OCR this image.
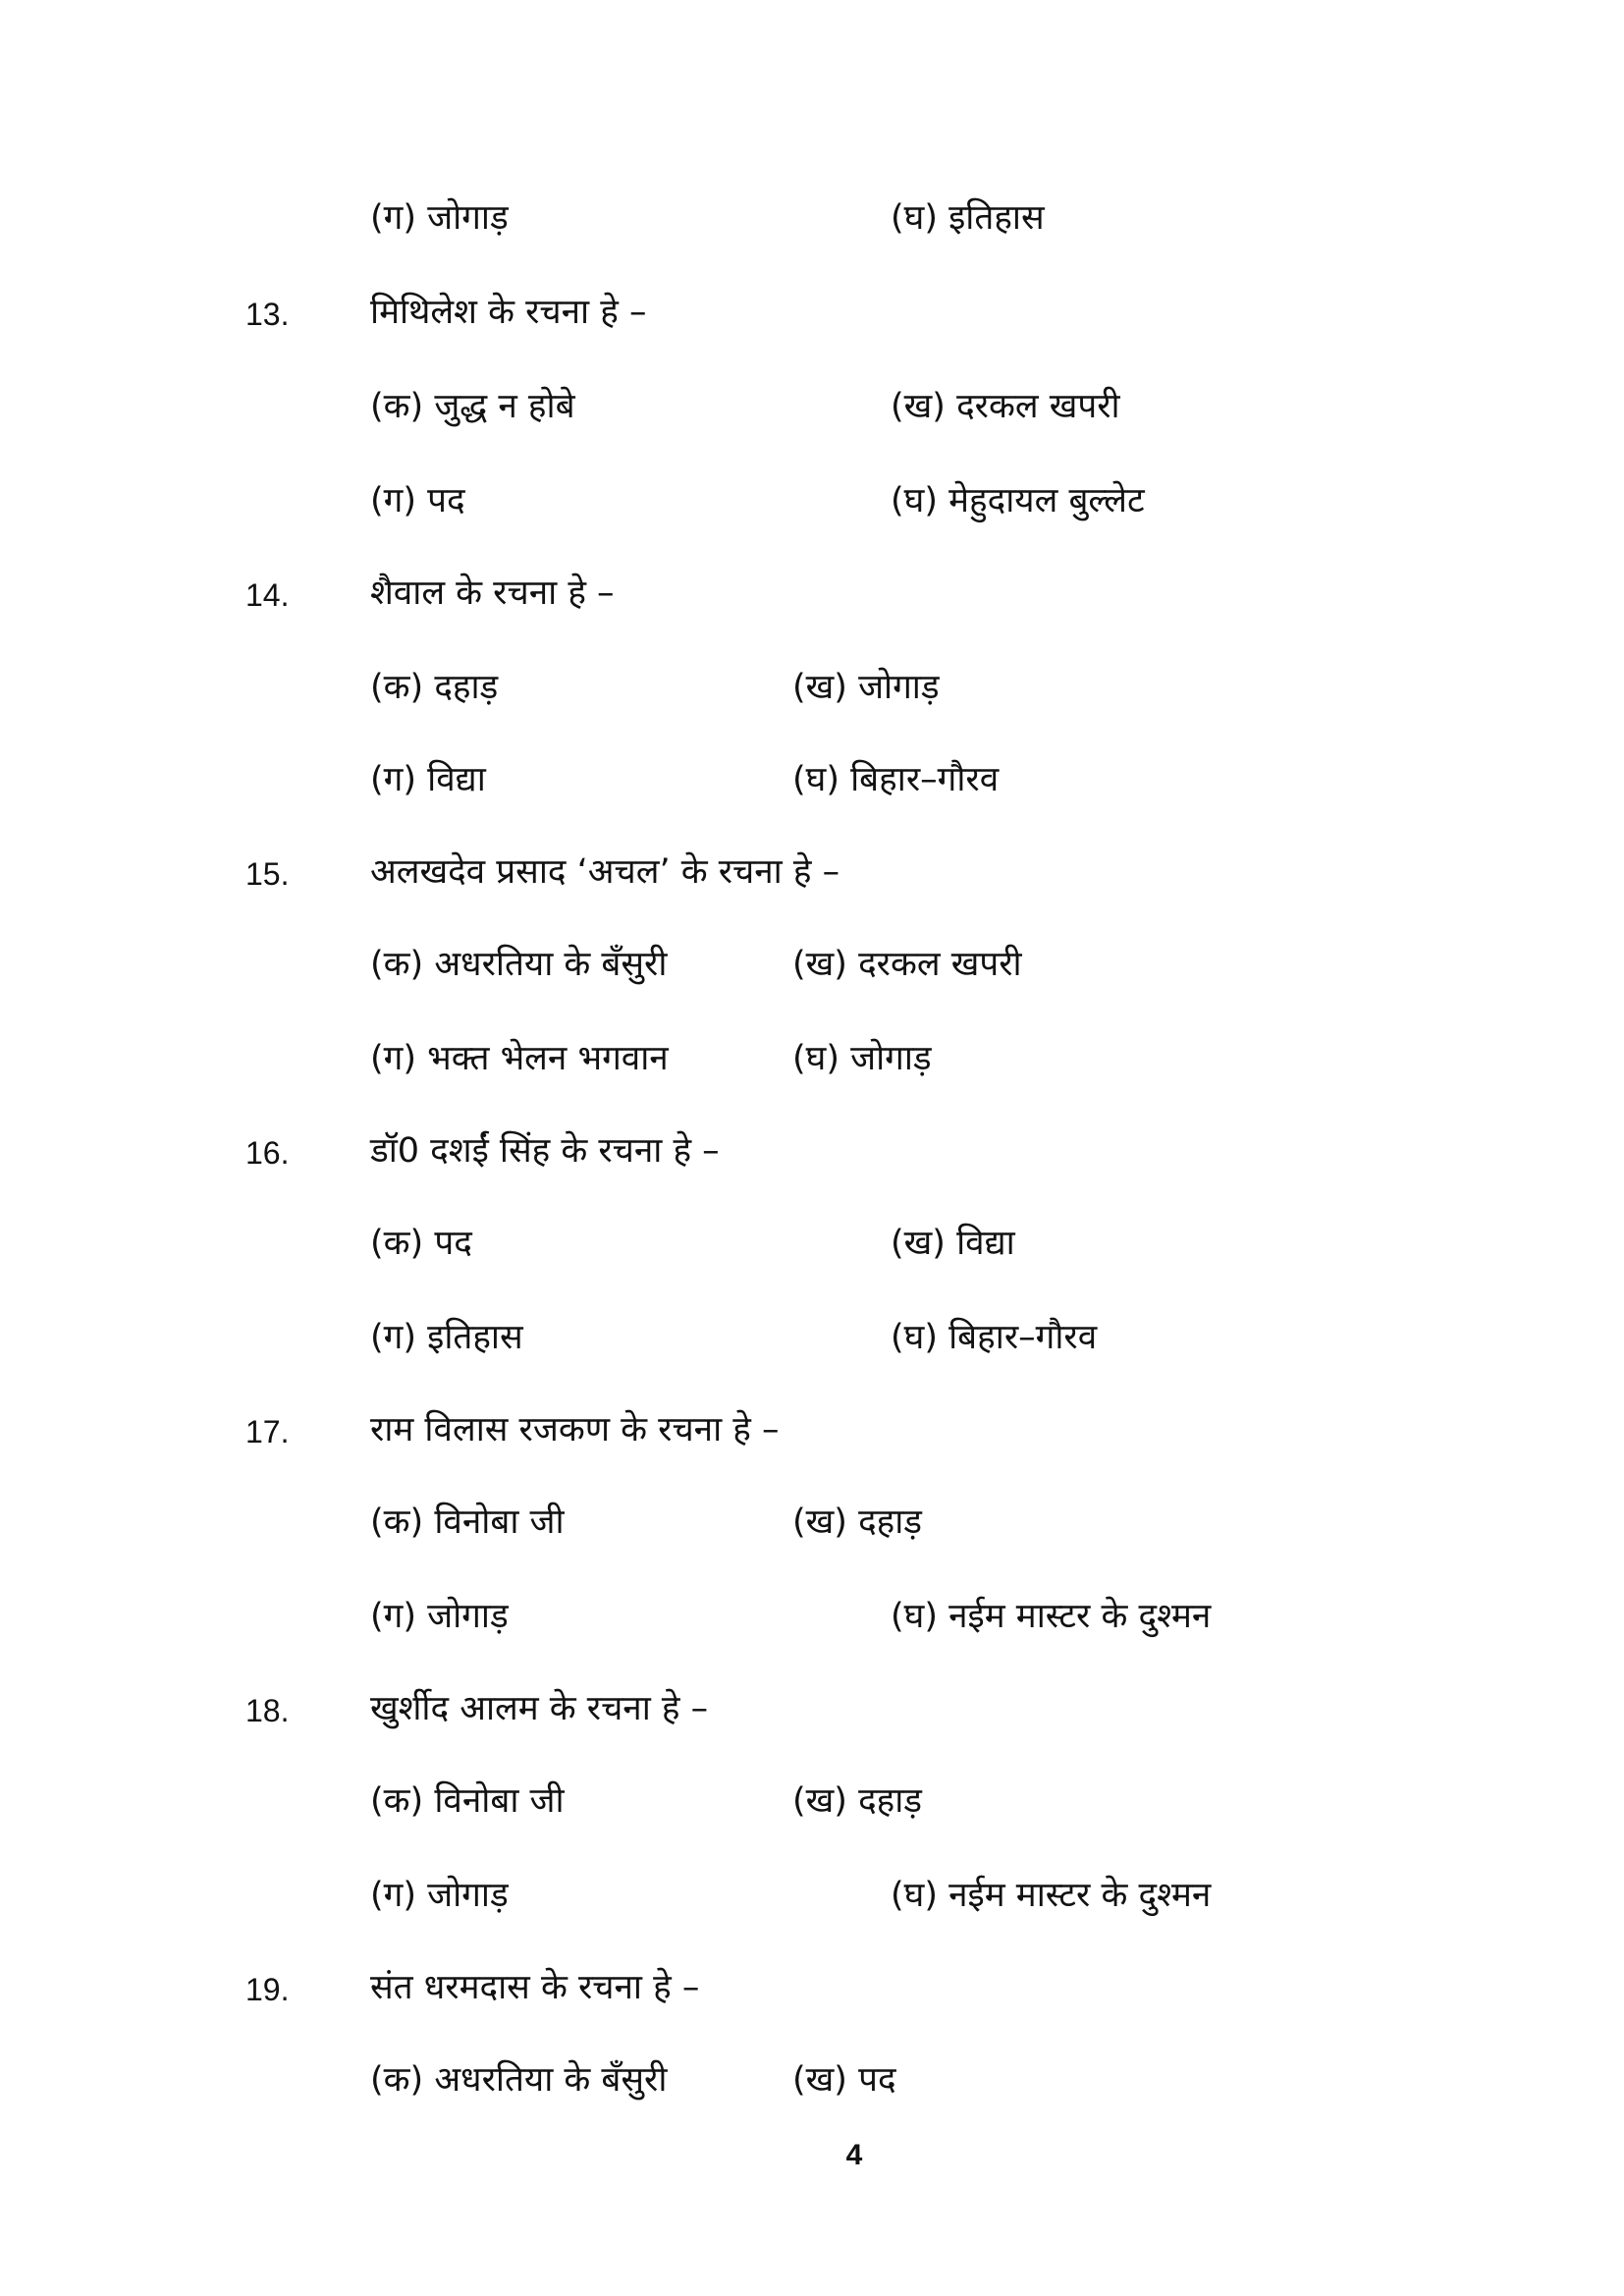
(ग) जोगाड़	(घ) इतिहास
13. मिथिलेश के रचना हे –
(क) जुद्ध न होबे	(ख) दरकल खपरी
(ग) पद	(घ) मेहुदायल बुल्लेट
14. शैवाल के रचना हे –
(क) दहाड़	(ख) जोगाड़
(ग) विद्या	(घ) बिहार–गौरव
15. अलखदेव प्रसाद ‘अचल’ के रचना हे –
(क) अधरतिया के बँसुरी	(ख) दरकल खपरी
(ग) भक्त भेलन भगवान	(घ) जोगाड़
16. डॉ0 दशईं सिंह के रचना हे –
(क) पद	(ख) विद्या
(ग) इतिहास	(घ) बिहार–गौरव
17. राम विलास रजकण के रचना हे –
(क) विनोबा जी	(ख) दहाड़
(ग) जोगाड़	(घ) नईम मास्टर के दुश्मन
18. खुर्शीद आलम के रचना हे –
(क) विनोबा जी	(ख) दहाड़
(ग) जोगाड़	(घ) नईम मास्टर के दुश्मन
19. संत धरमदास के रचना हे –
(क) अधरतिया के बँसुरी	(ख) पद
4
